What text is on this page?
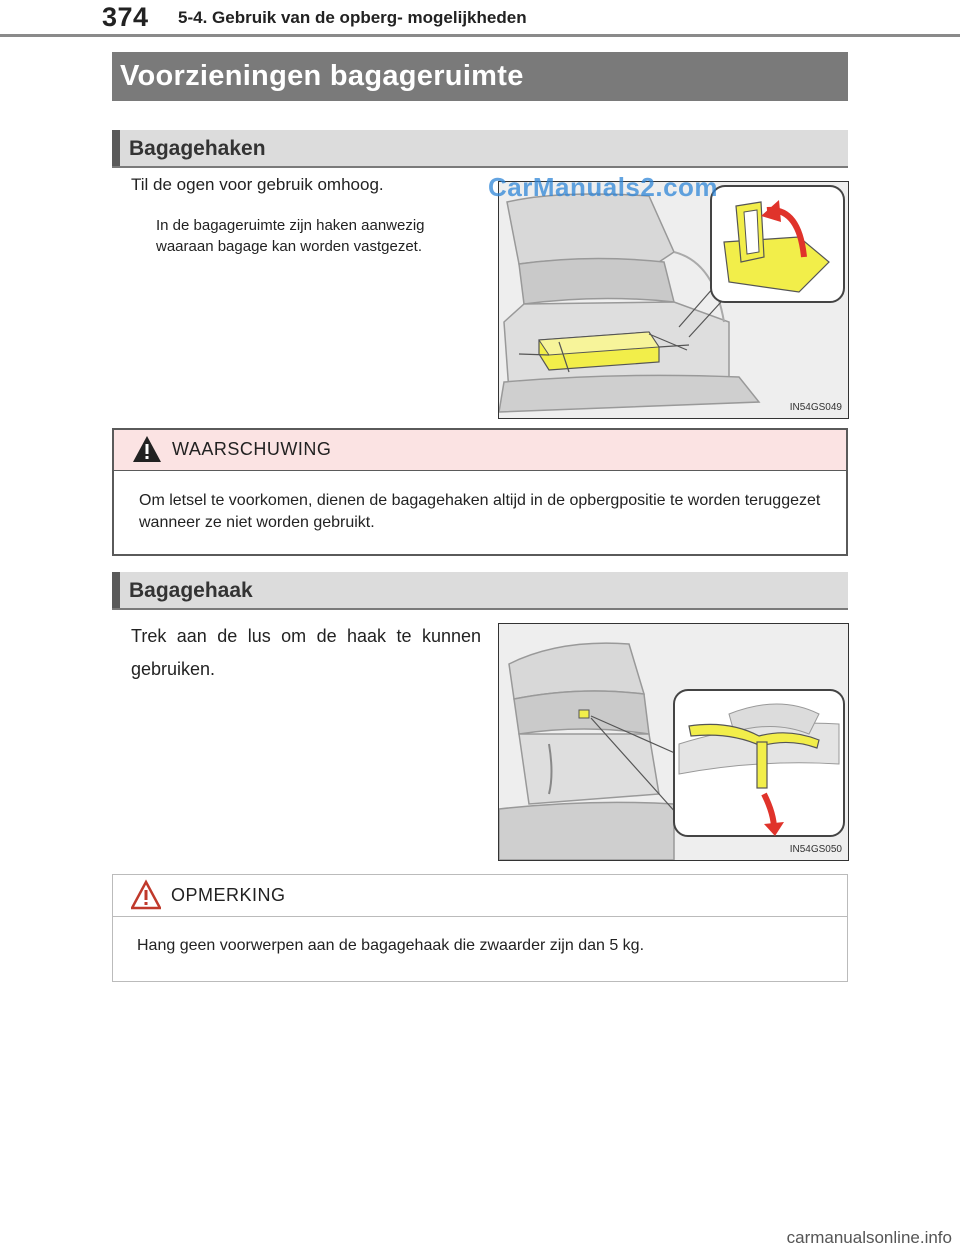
374 5-4. Gebruik van de opberg- mogelijkheden
Voorzieningen bagageruimte
Bagagehaken
Til de ogen voor gebruik omhoog.
In de bagageruimte zijn haken aanwezig waaraan bagage kan worden vastgezet.
IN54GS049
CarManuals2.com
WAARSCHUWING
Om letsel te voorkomen, dienen de bagagehaken altijd in de opbergpositie te worden teruggezet wanneer ze niet worden gebruikt.
Bagagehaak
Trek aan de lus om de haak te kunnen gebruiken.
IN54GS050
OPMERKING
Hang geen voorwerpen aan de bagagehaak die zwaarder zijn dan 5 kg.
carmanualsonline.info
